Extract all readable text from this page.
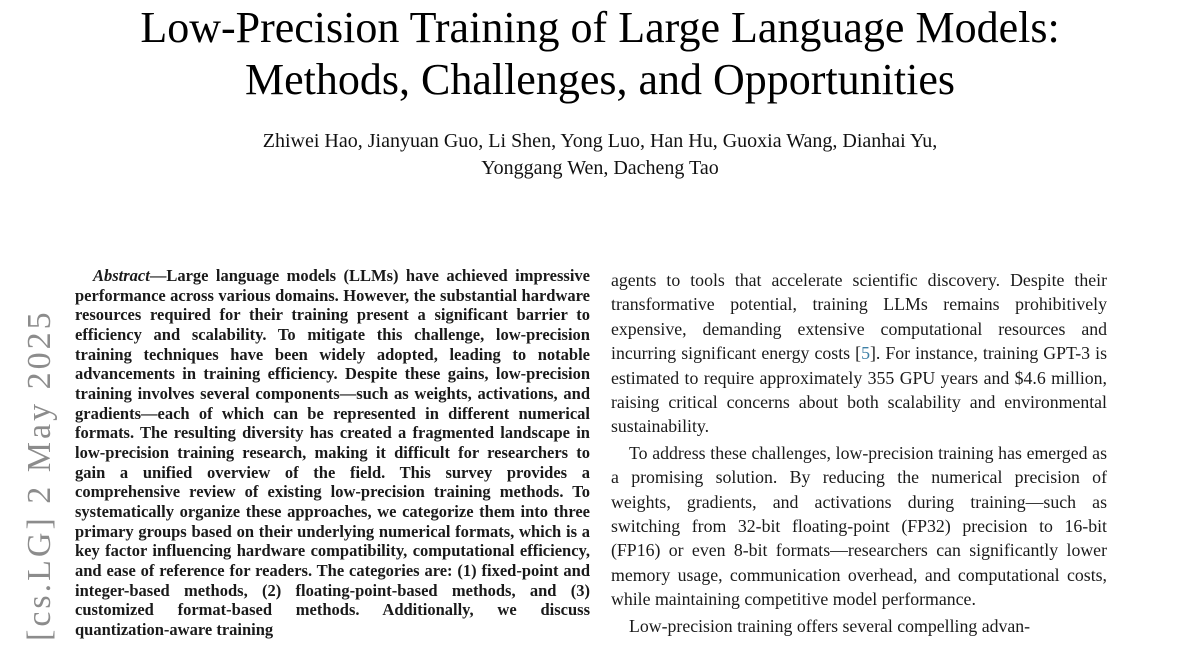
[cs.LG] 2 May 2025
Low-Precision Training of Large Language Models:
Methods, Challenges, and Opportunities
Zhiwei Hao, Jianyuan Guo, Li Shen, Yong Luo, Han Hu, Guoxia Wang, Dianhai Yu,
Yonggang Wen, Dacheng Tao

Abstract—Large language models (LLMs) have achieved impressive performance across various domains. However, the substantial hardware resources required for their training present a significant barrier to efficiency and scalability. To mitigate this challenge, low-precision training techniques have been widely adopted, leading to notable advancements in training efficiency. Despite these gains, low-precision training involves several components—such as weights, activations, and gradients—each of which can be represented in different numerical formats. The resulting diversity has created a fragmented landscape in low-precision training research, making it difficult for researchers to gain a unified overview of the field. This survey provides a comprehensive review of existing low-precision training methods. To systematically organize these approaches, we categorize them into three primary groups based on their underlying numerical formats, which is a key factor influencing hardware compatibility, computational efficiency, and ease of reference for readers. The categories are: (1) fixed-point and integer-based methods, (2) floating-point-based methods, and (3) customized format-based methods. Additionally, we discuss quantization-aware training

agents to tools that accelerate scientific discovery. Despite their transformative potential, training LLMs remains prohibitively expensive, demanding extensive computational resources and incurring significant energy costs [5]. For instance, training GPT-3 is estimated to require approximately 355 GPU years and $4.6 million, raising critical concerns about both scalability and environmental sustainability.

To address these challenges, low-precision training has emerged as a promising solution. By reducing the numerical precision of weights, gradients, and activations during training—such as switching from 32-bit floating-point (FP32) precision to 16-bit (FP16) or even 8-bit formats—researchers can significantly lower memory usage, communication overhead, and computational costs, while maintaining competitive model performance.

Low-precision training offers several compelling advan-
